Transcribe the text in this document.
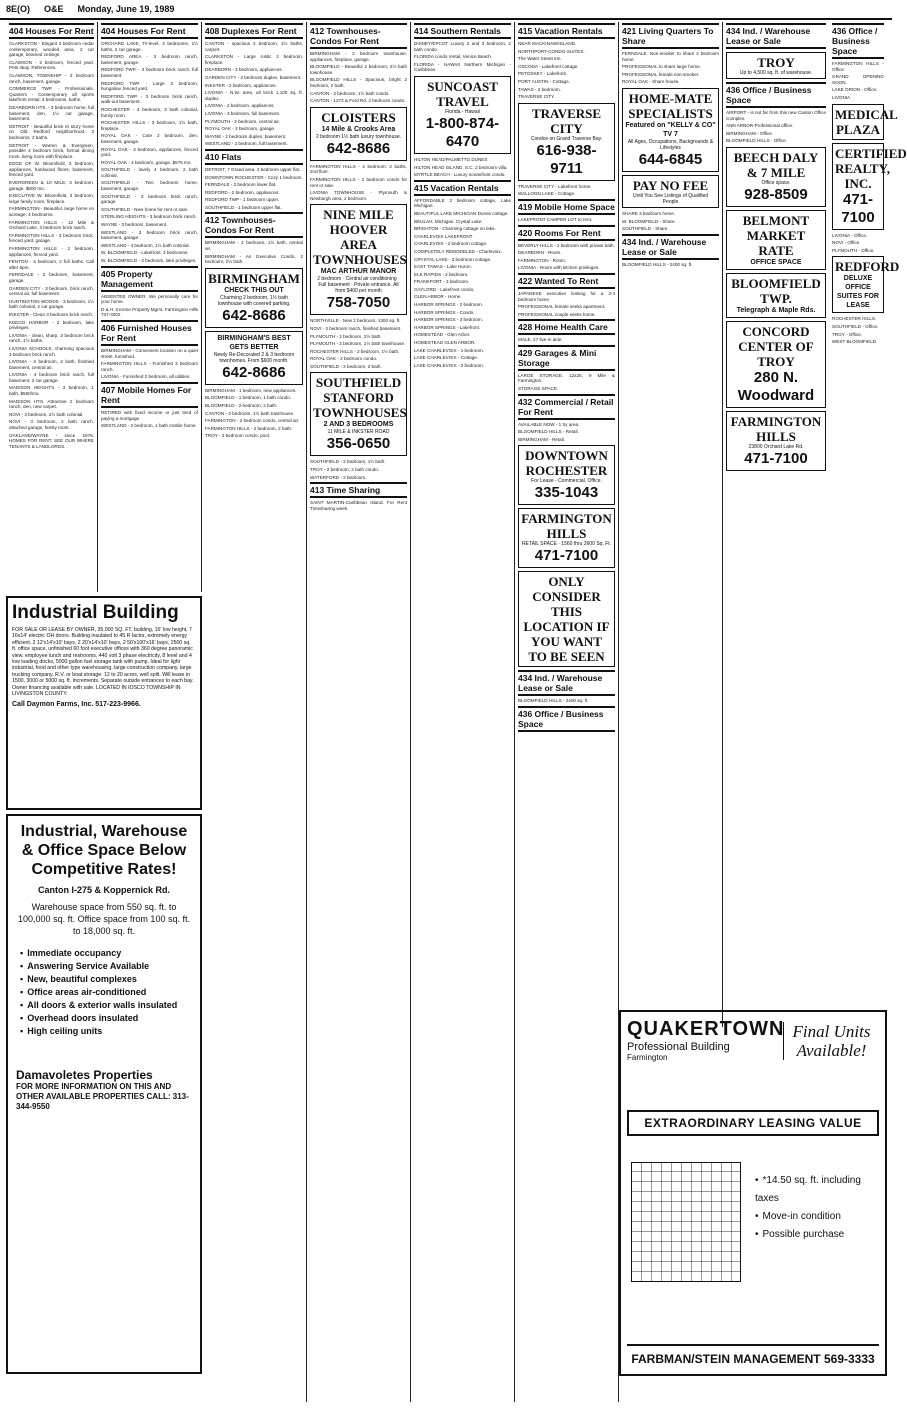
8E(O) O&E Monday, June 19, 1989
404 Houses For Rent

CLARKSTON - Elegant 3 bedroom cedar contemporary, wooded area, 2 car garage, beamed ceilings.

CLAWSON - 2 bedroom, fenced yard, Pets okay. References.

CLAWSON, TOWNSHIP - 3 bedroom ranch, basement, garage.

COMMERCE TWP. - Professionals. Quarters - Contemporary all sports lakefront rental, 4 bedrooms, baths.

DEARBORN HTS. - 3 bedroom home, full basement, den, 1½ car garage, basement.

DETROIT - Beautiful brick tri story home on Old Redford neighborhood, 3 bedrooms, 2 baths.

DETROIT - Warren & Evergreen, possible 4 bedroom brick, formal dining room, living room with fireplace.

EDGE OF W. Bloomfield, 3 bedroom, appliances, hardwood floors, basement, fenced yard.

EVERGREEN & 10 MILE, 3 bedroom, garage. $500 mo.

EXECUTIVE W. Bloomfield, 3 bedroom, large family room, fireplace.

FARMINGTON - Beautiful, large home on acreage, 4 bedrooms.

FARMINGTON HILLS - 12 Mile & Orchard Lake, 3 bedroom brick ranch.

FARMINGTON HILLS - 3 bedroom brick, fenced yard, garage.

FARMINGTON HILLS - 2 bedroom, appliances, fenced yard.

FENTON - 4 bedroom, 2 full baths. Call after 6pm.

FERNDALE - 2 bedroom, basement, garage.

GARDEN CITY - 3 bedroom, brick ranch, central air, full basement.

HUNTINGTON WOODS - 3 bedroom, 1½ bath colonial, 2 car garage.

INKSTER - Clean 3 bedroom brick ranch.

KEEGO HARBOR - 2 bedroom, lake privileges.

LIVONIA - clean, sharp, 3 bedroom brick ranch, 1½ baths.

LIVONIA SCHOOLS, charming spacious 3 bedroom brick ranch.

LIVONIA - 3 bedroom, 2 bath, finished basement, central air.

LIVONIA - 4 bedroom brick ranch, full basement, 2 car garage.

MADISON HEIGHTS - 3 bedroom, 1 bath, $550/mo.

MADISON HTS. Attractive 2 bedroom ranch, den, new carpet.

NOVI - 3 bedroom, 2½ bath colonial.

NOVI - 3 bedroom, 2 bath ranch, attached garage, family room.

OAKLAND/WAYNE - since 1976, HOMES FOR RENT. SEE OUR WHERE TENANTS & LANDLORDS.

404 Houses For Rent

ORCHARD LAKE, Tri-level, 3 bedrooms, 1½ baths, 2 car garage.

REDFORD AREA - 3 bedroom ranch, basement, garage.

REDFORD TWP. - 3 bedroom brick ranch, full basement.

REDFORD TWP. - Large 3 bedroom, bungalow, fenced yard.

REDFORD TWP. - 3 bedroom brick ranch, walk-out basement.

ROCHESTER - 4 bedroom, 3 bath colonial, family room.

ROCHESTER HILLS - 3 bedroom, 1½ bath, fireplace.

ROYAL OAK - Cute 2 bedroom, den, basement, garage.

ROYAL OAK - 3 bedroom, appliances, fenced yard.

ROYAL OAK - 2 bedroom, garage. $575 mo.

SOUTHFIELD - lovely 4 bedroom, 2 bath colonial.

SOUTHFIELD - Two bedroom home, basement, garage.

SOUTHFIELD - 3 bedroom brick ranch, garage.

SOUTHFIELD - New home for rent or sale.

STERLING HEIGHTS - 3 bedroom brick ranch.

WAYNE - 3 bedroom, basement.

WESTLAND - 3 bedroom brick ranch, basement, garage.

WESTLAND - 4 bedroom, 1½ bath colonial.

W. BLOOMFIELD - Lakefront, 3 bedrooms.

W. BLOOMFIELD - 2 bedroom, lake privileges.

405 Property Management

ABSENTEE OWNER. We personally care for your home.

D & H. Income Property Mgmt. Farmington Hills 737-4002

406 Furnished Houses For Rent

BIRMINGHAM - Convenient location on a quiet street, furnished.

FARMINGTON HILLS - Furnished 3 bedroom ranch.

LIVONIA - Furnished 2 bedroom, all utilities.

407 Mobile Homes For Rent

RETIRED with fixed income or just tired of paying a mortgage.

WESTLAND - 2 bedroom, 1 bath mobile home.

408 Duplexes For Rent

CANTON - spacious 2 bedroom, 1½ baths, carport.

CLARKSTON - Large rustic 2 bedroom, fireplace.

DEARBORN - 2 bedroom, appliances.

GARDEN CITY - 2 bedroom duplex, basement.

INKSTER - 2 bedroom, appliances.

LIVONIA - N.W. area, all brick 1,100 sq. ft. duplex.

LIVONIA - 2 bedroom, appliances.

LIVONIA - 3 bedroom, full basement.

PLYMOUTH - 2 bedroom, central air.

ROYAL OAK - 2 bedroom, garage.

WAYNE - 2 bedroom duplex, basement.

WESTLAND - 2 bedroom, full basement.

410 Flats

DETROIT, 7 Grand area, 2 bedroom upper flat.

DOWNTOWN ROCHESTER - Cozy 1 bedroom.

FERNDALE - 2 bedroom lower flat.

REDFORD - 2 bedroom, appliances.

REDFORD TWP - 1 bedroom upper.

SOUTHFIELD - 1 bedroom upper flat.

412 Townhouses-Condos For Rent

BIRMINGHAM - 2 bedroom, 1½ bath, central air.

BIRMINGHAM - An Executive Condo, 2 bedroom, 2½ bath.

BIRMINGHAM
CHECK THIS OUT
Charming 2 bedroom, 1½ bath townhouse with covered parking.
642-8686
BIRMINGHAM'S BEST GETS BETTER
Newly Re-Decorated 2 & 3 bedroom townhomes. From $600 month.
642-8686

BIRMINGHAM - 1 bedroom, new appliances.

BLOOMFIELD - 1 bedroom, 1 bath condo.

BLOOMFIELD - 2 bedroom, 2 bath.

CANTON - 2 bedroom, 1½ bath townhouse.

FARMINGTON - 2 bedroom condo, central air.

FARMINGTON HILLS - 2 bedroom, 2 bath.

TROY - 2 bedroom condo, pool.

412 Townhouses-Condos For Rent

BIRMINGHAM - 2 bedroom townhouse, appliances, fireplace, garage.

BLOOMFIELD - Beautiful 2 bedroom, 2½ bath townhouse.

BLOOMFIELD HILLS - Spacious, bright 2 bedroom, 2 bath.

CANTON - 2 bedroom, 1½ bath condo.

CANTON - 1273 & Ford Rd. 2 bedroom condo.

CLOISTERS
14 Mile & Crooks Area
2 bedroom 1½ bath luxury townhouse.
642-8686

FARMINGTON HILLS - 2 bedroom, 2 baths, 2nd floor.

FARMINGTON HILLS - 2 bedroom condo for rent or sale.

LIVONIA TOWNHOUSE - Plymouth & Newburgh area, 2 bedroom.

NINE MILE HOOVER AREA TOWNHOUSES
MAC ARTHUR MANOR
2 bedroom · Central air conditioning · Full basement · Private entrance. All from $400 per month
758-7050

NORTHVILLE - New 2 bedroom, 1300 sq. ft.

NOVI - 3 bedroom ranch, finished basement.

PLYMOUTH - 2 bedroom, 2½ bath.

PLYMOUTH - 2 bedroom, 1½ bath townhouse.

ROCHESTER HILLS - 2 bedroom, 1½ bath.

ROYAL OAK - 2 bedroom condo.

SOUTHFIELD - 2 bedroom, 2 bath.

SOUTHFIELD STANFORD TOWNHOUSES
2 AND 3 BEDROOMS
11 MILE & INKSTER ROAD
356-0650

SOUTHFIELD - 2 bedroom, 1½ bath.

TROY - 2 bedroom, 2 bath condo.

WATERFORD - 2 bedroom.

413 Time Sharing

SAINT MARTIN-Caribbean Island. For Rent Timesharing week.

414 Southern Rentals

DISNEY/EPCOT Luxury 2 and 3 bedroom, 2 bath condo.

FLORIDA condo rental, Venice Beach.

FLORIDA - HAWAII Northern Michigan - Caribbean.

SUNCOAST TRAVEL
Florida - Hawaii
1-800-874-6470

HILTON HEAD/PALMETTO DUNES

HILTON HEAD ISLAND, S.C. 2 bedroom villa.

MYRTLE BEACH - Luxury oceanfront condo.

415 Vacation Rentals

AFFORDABLE 2 bedroom cottage, Lake Michigan.

BEAUTIFUL LAKE MICHIGAN Dunes cottage.

BEULAH, Michigan. Crystal Lake.

BRIGHTON - Charming cottage on lake.

CHARLEVOIX LAKEFRONT

CHARLEVOIX - 2 bedroom cottage.

COMPLETELY REMODELED - Charlevoix.

CRYSTAL LAKE - 3 bedroom cottage.

EAST TAWAS - Lake Huron.

ELK RAPIDS - 2 bedroom.

FRANKFORT - 3 bedroom.

GAYLORD - Lakefront condo.

GLEN ARBOR - Home.

HARBOR SPRINGS - 2 bedroom.

HARBOR SPRINGS - Condo.

HARBOR SPRINGS - 3 bedroom.

HARBOR SPRINGS - Lakefront.

HOMESTEAD - Glen Arbor.

HOMESTEAD GLEN ARBOR.

LAKE CHARLEVOIX - 1 bedroom.

LAKE CHARLEVOIX - Cottage.

LAKE CHARLEVOIX - 2 bedroom.

415 Vacation Rentals

NEAR MACKINAW/ISLAND.

NORTHPORT-CONDO-SUITES.

The Water Street Inn.

OSCODA - Lakefront cottage.

PETOSKEY - Lakefront.

PORT AUSTIN - Cottage.

TAWAS - 2 bedroom.

TRAVERSE CITY.

TRAVERSE CITY
Condos on Grand Traverse Bay.
616-938-9711

TRAVERSE CITY - Lakefront home.

WALLOON LAKE - Cottage.

419 Mobile Home Space

LAKEFRONT CAMPER LOT to rent.

420 Rooms For Rent

BEVERLY HILLS - 1 bedroom with private bath.

DEARBORN - Room.

FARMINGTON - Room.

LIVONIA - Room with kitchen privileges.

422 Wanted To Rent

JAPANESE executive looking for a 3-4 bedroom home.

PROFESSIONAL female seeks apartment.

PROFESSIONAL couple seeks home.

428 Home Health Care

MALE, 27 live-in aide.

429 Garages & Mini Storage

LARGE STORAGE. 12x25, 9 Mile & Farmington.

STORAGE SPACE.

432 Commercial / Retail For Rent

AVAILABLE NOW - 1 try area.

BLOOMFIELD HILLS - Retail.

BIRMINGHAM - Retail.

DOWNTOWN ROCHESTER
For Lease - Commercial, Office.
335-1043
FARMINGTON HILLS
RETAIL SPACE · 1560 thru 2600 Sq. Ft.
471-7100
ONLY CONSIDER THIS LOCATION IF YOU WANT TO BE SEEN
434 Ind. / Warehouse Lease or Sale

BLOOMFIELD HILLS - 2400 sq. ft.

436 Office / Business Space
421 Living Quarters To Share

FERNDALE. Non-smoker to share 2 bedroom home.

PROFESSIONAL to share large home.

PROFESSIONAL female non-smoker.

ROYAL OAK - Share house.

HOME-MATE SPECIALISTS
Featured on "KELLY & CO" TV 7
All Ages, Occupations, Backgrounds & Lifestyles
644-6845
PAY NO FEE
Until You See Listings of Qualified People

SHARE 3 bedroom home.

W. BLOOMFIELD - Share.

SOUTHFIELD - Share.

434 Ind. / Warehouse Lease or Sale

BLOOMFIELD HILLS - 2400 sq. ft.

434 Ind. / Warehouse Lease or Sale
TROY
Up to 4,500 sq. ft. of warehouse.
436 Office / Business Space

AIRPORT - is not far from this new Canton Office Complex.

ANN ARBOR-Professional office.

BIRMINGHAM - Office.

BLOOMFIELD HILLS - Office.

BEECH DALY & 7 MILE
Office space.
928-8509
BELMONT MARKET RATE
OFFICE SPACE
BLOOMFIELD TWP.
Telegraph & Maple Rds.
CONCORD CENTER OF TROY
280 N. Woodward
FARMINGTON HILLS
23800 Orchard Lake Rd.
471-7100
436 Office / Business Space

FARMINGTON HILLS - Office.

GRAND OPENING SOON.

LAKE ORION - Office.

LIVONIA

MEDICAL PLAZA
CERTIFIED REALTY, INC.
471-7100

LIVONIA - Office.

NOVI - Office.

PLYMOUTH - Office.

REDFORD
DELUXE OFFICE SUITES FOR LEASE

ROCHESTER HILLS.

SOUTHFIELD - Office.

TROY - Office.

WEST BLOOMFIELD.

Industrial Building
FOR SALE OR LEASE BY OWNER, 35,000 SQ. FT. building, 16' low height, 7 16x14' electric OH doors. Building insulated to 45 R factor, extremely energy efficient. 2 12'x14'x10' bays, 2 20'x14'x10' bays, 2 50'x100'x16' bays, 2500 sq. ft. office space, unfinished 60 foot executive offices with 360 degree panoramic view, employee lunch and restrooms, 440 volt 3 phase electricity, 8 level and 4 low loading docks, 5000 gallon fuel storage tank with pump. Ideal for light industrial, food and other type warehousing, large construction company, large trucking company, R.V. or boat storage. 12 to 20 acres, well split. Will lease in 1500, 3000 or 5000 sq. ft. increments. Separate outside entrances to each bay. Owner financing available with sale. LOCATED IN IOSCO TOWNSHIP IN LIVINGSTON COUNTY.
Call Daymon Farms, Inc. 517-223-9966.
Industrial, Warehouse & Office Space Below Competitive Rates!
Canton I-275 & Koppernick Rd.
Warehouse space from 550 sq. ft. to 100,000 sq. ft. Office space from 100 sq. ft. to 18,000 sq. ft.
▪ Immediate occupancy
▪ Answering Service Available
▪ New, beautiful complexes
▪ Office areas air-conditioned
▪ All doors & exterior walls insulated
▪ Overhead doors insulated
▪ High ceiling units
Damavoletes Properties
FOR MORE INFORMATION ON THIS AND OTHER AVAILABLE PROPERTIES CALL: 313-344-9550
QUAKERTOWN
Professional Building
Farmington
Final Units Available!
EXTRAORDINARY LEASING VALUE
• *14.50 sq. ft. including taxes
• Move-in condition
• Possible purchase
FARBMAN/STEIN MANAGEMENT 569-3333
